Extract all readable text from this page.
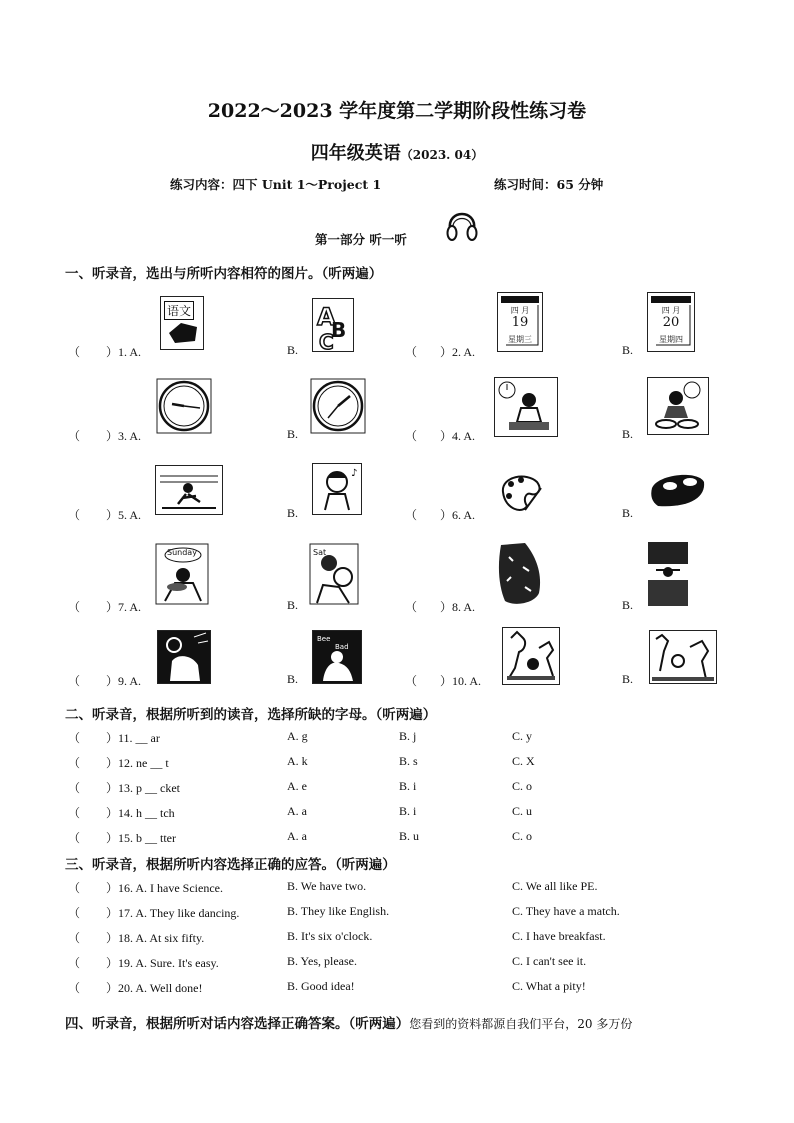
2022～2023 学年度第二学期阶段性练习卷
四年级英语（2023. 04）
练习内容：四下 Unit 1～Project 1	练习时间：65 分钟
第一部分 听一听
一、听录音，选出与所听内容相符的图片。（听两遍）
（ ）1. A.	B.	（ ）2. A.	B.
（ ）3. A.	B.	（ ）4. A.	B.
（ ）5. A.	B.	（ ）6. A.	B.
（ ）7. A.	B.	（ ）8. A.	B.
（ ）9. A.	B.	（ ）10. A.	B.
语文	A
B
C
四 月
19
星期三
四 月
20
星期四
♪
Sunday	Sat
Bee
Bad
二、听录音，根据所听到的读音，选择所缺的字母。（听两遍）
（ ）11. __ ar	A. g	B. j	C. y
（ ）12. ne __ t	A. k	B. s	C. X
（ ）13. p __ cket	A. e	B. i	C. o
（ ）14. h __ tch	A. a	B. i	C. u
（ ）15. b __ tter	A. a	B. u	C. o
三、听录音，根据所听内容选择正确的应答。（听两遍）
（ ）16. A. I have Science.	B. We have two.	C. We all like PE.
（ ）17. A. They like dancing.	B. They like English.	C. They have a match.
（ ）18. A. At six fifty.	B. It's six o'clock.	C. I have breakfast.
（ ）19. A. Sure. It's easy.	B. Yes, please.	C. I can't see it.
（ ）20. A. Well done!	B. Good idea!	C. What a pity!
四、听录音，根据所听对话内容选择正确答案。（听两遍）您看到的资料都源自我们平台，20 多万份
